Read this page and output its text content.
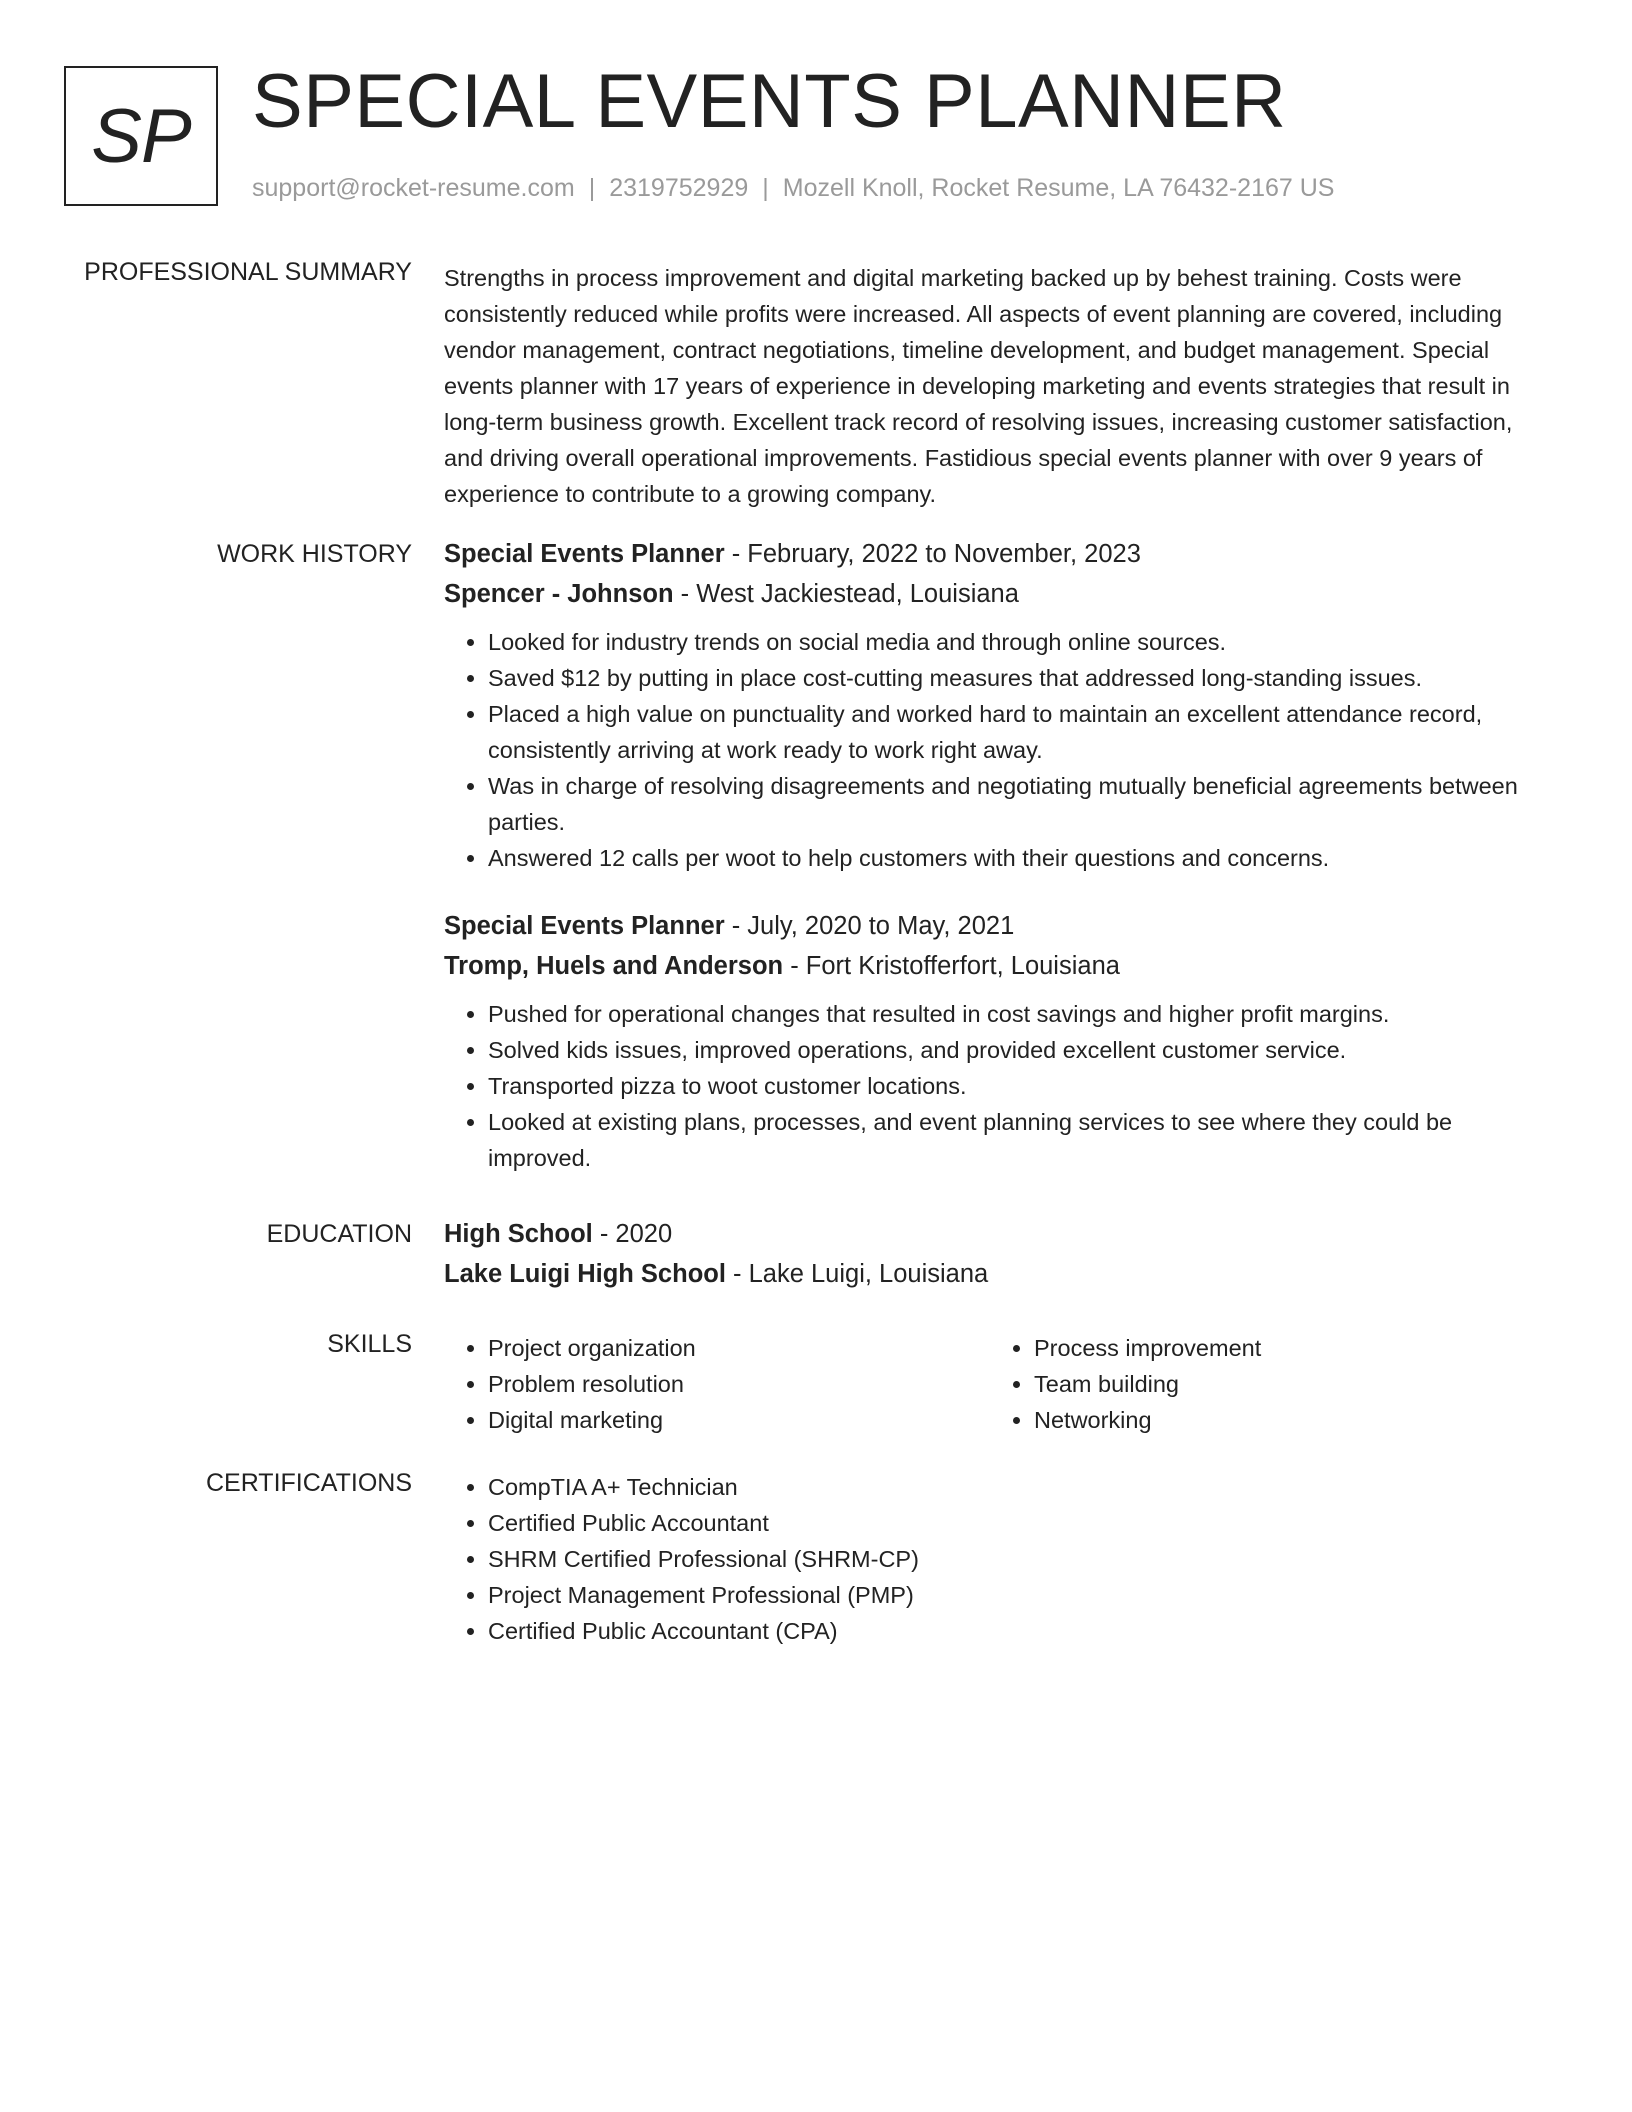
SP SPECIAL EVENTS PLANNER
support@rocket-resume.com | 2319752929 | Mozell Knoll, Rocket Resume, LA 76432-2167 US
PROFESSIONAL SUMMARY Strengths in process improvement and digital marketing backed up by behest training. Costs were consistently reduced while profits were increased. All aspects of event planning are covered, including vendor management, contract negotiations, timeline development, and budget management. Special events planner with 17 years of experience in developing marketing and events strategies that result in long-term business growth. Excellent track record of resolving issues, increasing customer satisfaction, and driving overall operational improvements. Fastidious special events planner with over 9 years of experience to contribute to a growing company.

WORK HISTORY Special Events Planner - February, 2022 to November, 2023

Spencer - Johnson - West Jackiestead, Louisiana

• Looked for industry trends on social media and through online sources.
• Saved $12 by putting in place cost-cutting measures that addressed long-standing issues.
• Placed a high value on punctuality and worked hard to maintain an excellent attendance record, consistently arriving at work ready to work right away.
• Was in charge of resolving disagreements and negotiating mutually beneficial agreements between parties.
• Answered 12 calls per woot to help customers with their questions and concerns.

Special Events Planner - July, 2020 to May, 2021

Tromp, Huels and Anderson - Fort Kristofferfort, Louisiana

• Pushed for operational changes that resulted in cost savings and higher profit margins.
• Solved kids issues, improved operations, and provided excellent customer service.
• Transported pizza to woot customer locations.
• Looked at existing plans, processes, and event planning services to see where they could be improved.
EDUCATION High School - 2020

Lake Luigi High School - Lake Luigi, Louisiana

SKILLS	• Project organization
• Problem resolution
• Digital marketing
• Process improvement
• Team building
• Networking
CERTIFICATIONS	• CompTIA A+ Technician
• Certified Public Accountant
• SHRM Certified Professional (SHRM-CP)
• Project Management Professional (PMP)
• Certified Public Accountant (CPA)
